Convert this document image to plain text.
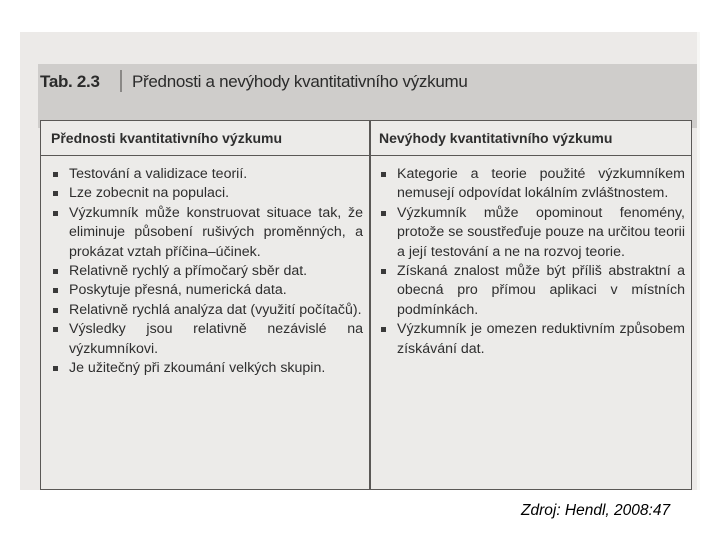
Tab. 2.3 Přednosti a nevýhody kvantitativního výzkumu
Přednosti kvantitativního výzkumu	Nevýhody kvantitativního výzkumu
Testování a validizace teorií.
Lze zobecnit na populaci.
Výzkumník může konstruovat situace tak, že eliminuje působení rušivých proměnných, a prokázat vztah příčina–účinek.
Relativně rychlý a přímočarý sběr dat.
Poskytuje přesná, numerická data.
Relativně rychlá analýza dat (využití počítačů).
Výsledky jsou relativně nezávislé na výzkumníkovi.
Je užitečný při zkoumání velkých skupin.
Kategorie a teorie použité výzkumníkem nemusejí odpovídat lokálním zvláštnostem.
Výzkumník může opominout fenomény, protože se soustřeďuje pouze na určitou teorii a její testování a ne na rozvoj teorie.
Získaná znalost může být příliš abstraktní a obecná pro přímou aplikaci v místních podmínkách.
Výzkumník je omezen reduktivním způsobem získávání dat.
Zdroj: Hendl, 2008:47
